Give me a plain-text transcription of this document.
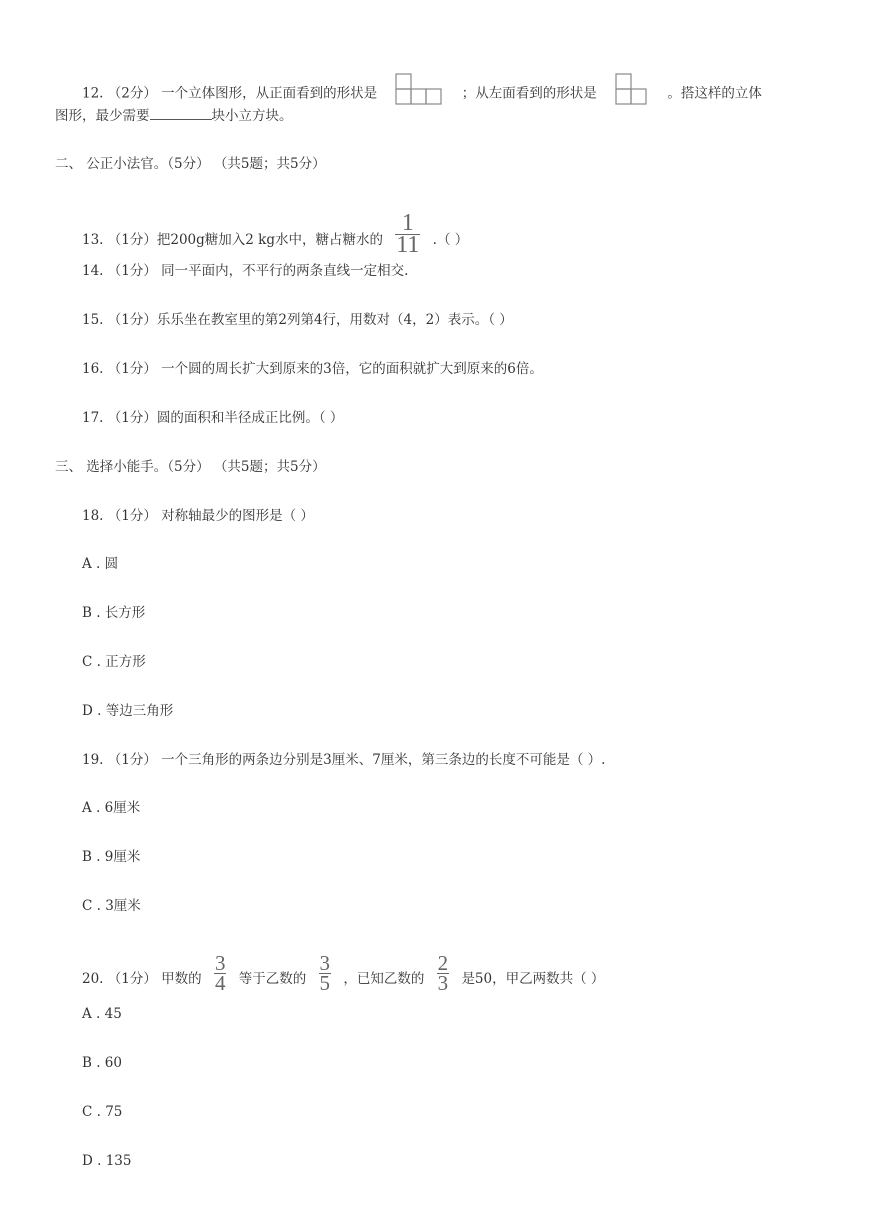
12. （2分） 一个立体图形，从正面看到的形状是	；从左面看到的形状是	。搭这样的立体
图形，最少需要	块小立方块。
二、 公正小法官。（5分） （共5题；共5分）
13. （1分）把200g糖加入2 kg水中，糖占糖水的 $\frac{1}{11}$ .（ ）
14. （1分） 同一平面内，不平行的两条直线一定相交.
15. （1分）乐乐坐在教室里的第2列第4行，用数对（4，2）表示。（ ）
16. （1分） 一个圆的周长扩大到原来的3倍，它的面积就扩大到原来的6倍。
17. （1分）圆的面积和半径成正比例。（ ）
三、 选择小能手。（5分） （共5题；共5分）
18. （1分） 对称轴最少的图形是（ ）
A . 圆
B . 长方形
C . 正方形
D . 等边三角形
19. （1分） 一个三角形的两条边分别是3厘米、7厘米，第三条边的长度不可能是（ ）.
A . 6厘米
B . 9厘米
C . 3厘米
20. （1分） 甲数的 $\frac{3}{4}$ 等于乙数的 $\frac{3}{5}$ ，已知乙数的 $\frac{2}{3}$ 是50，甲乙两数共（ ）
A . 45
B . 60
C . 75
D . 135
